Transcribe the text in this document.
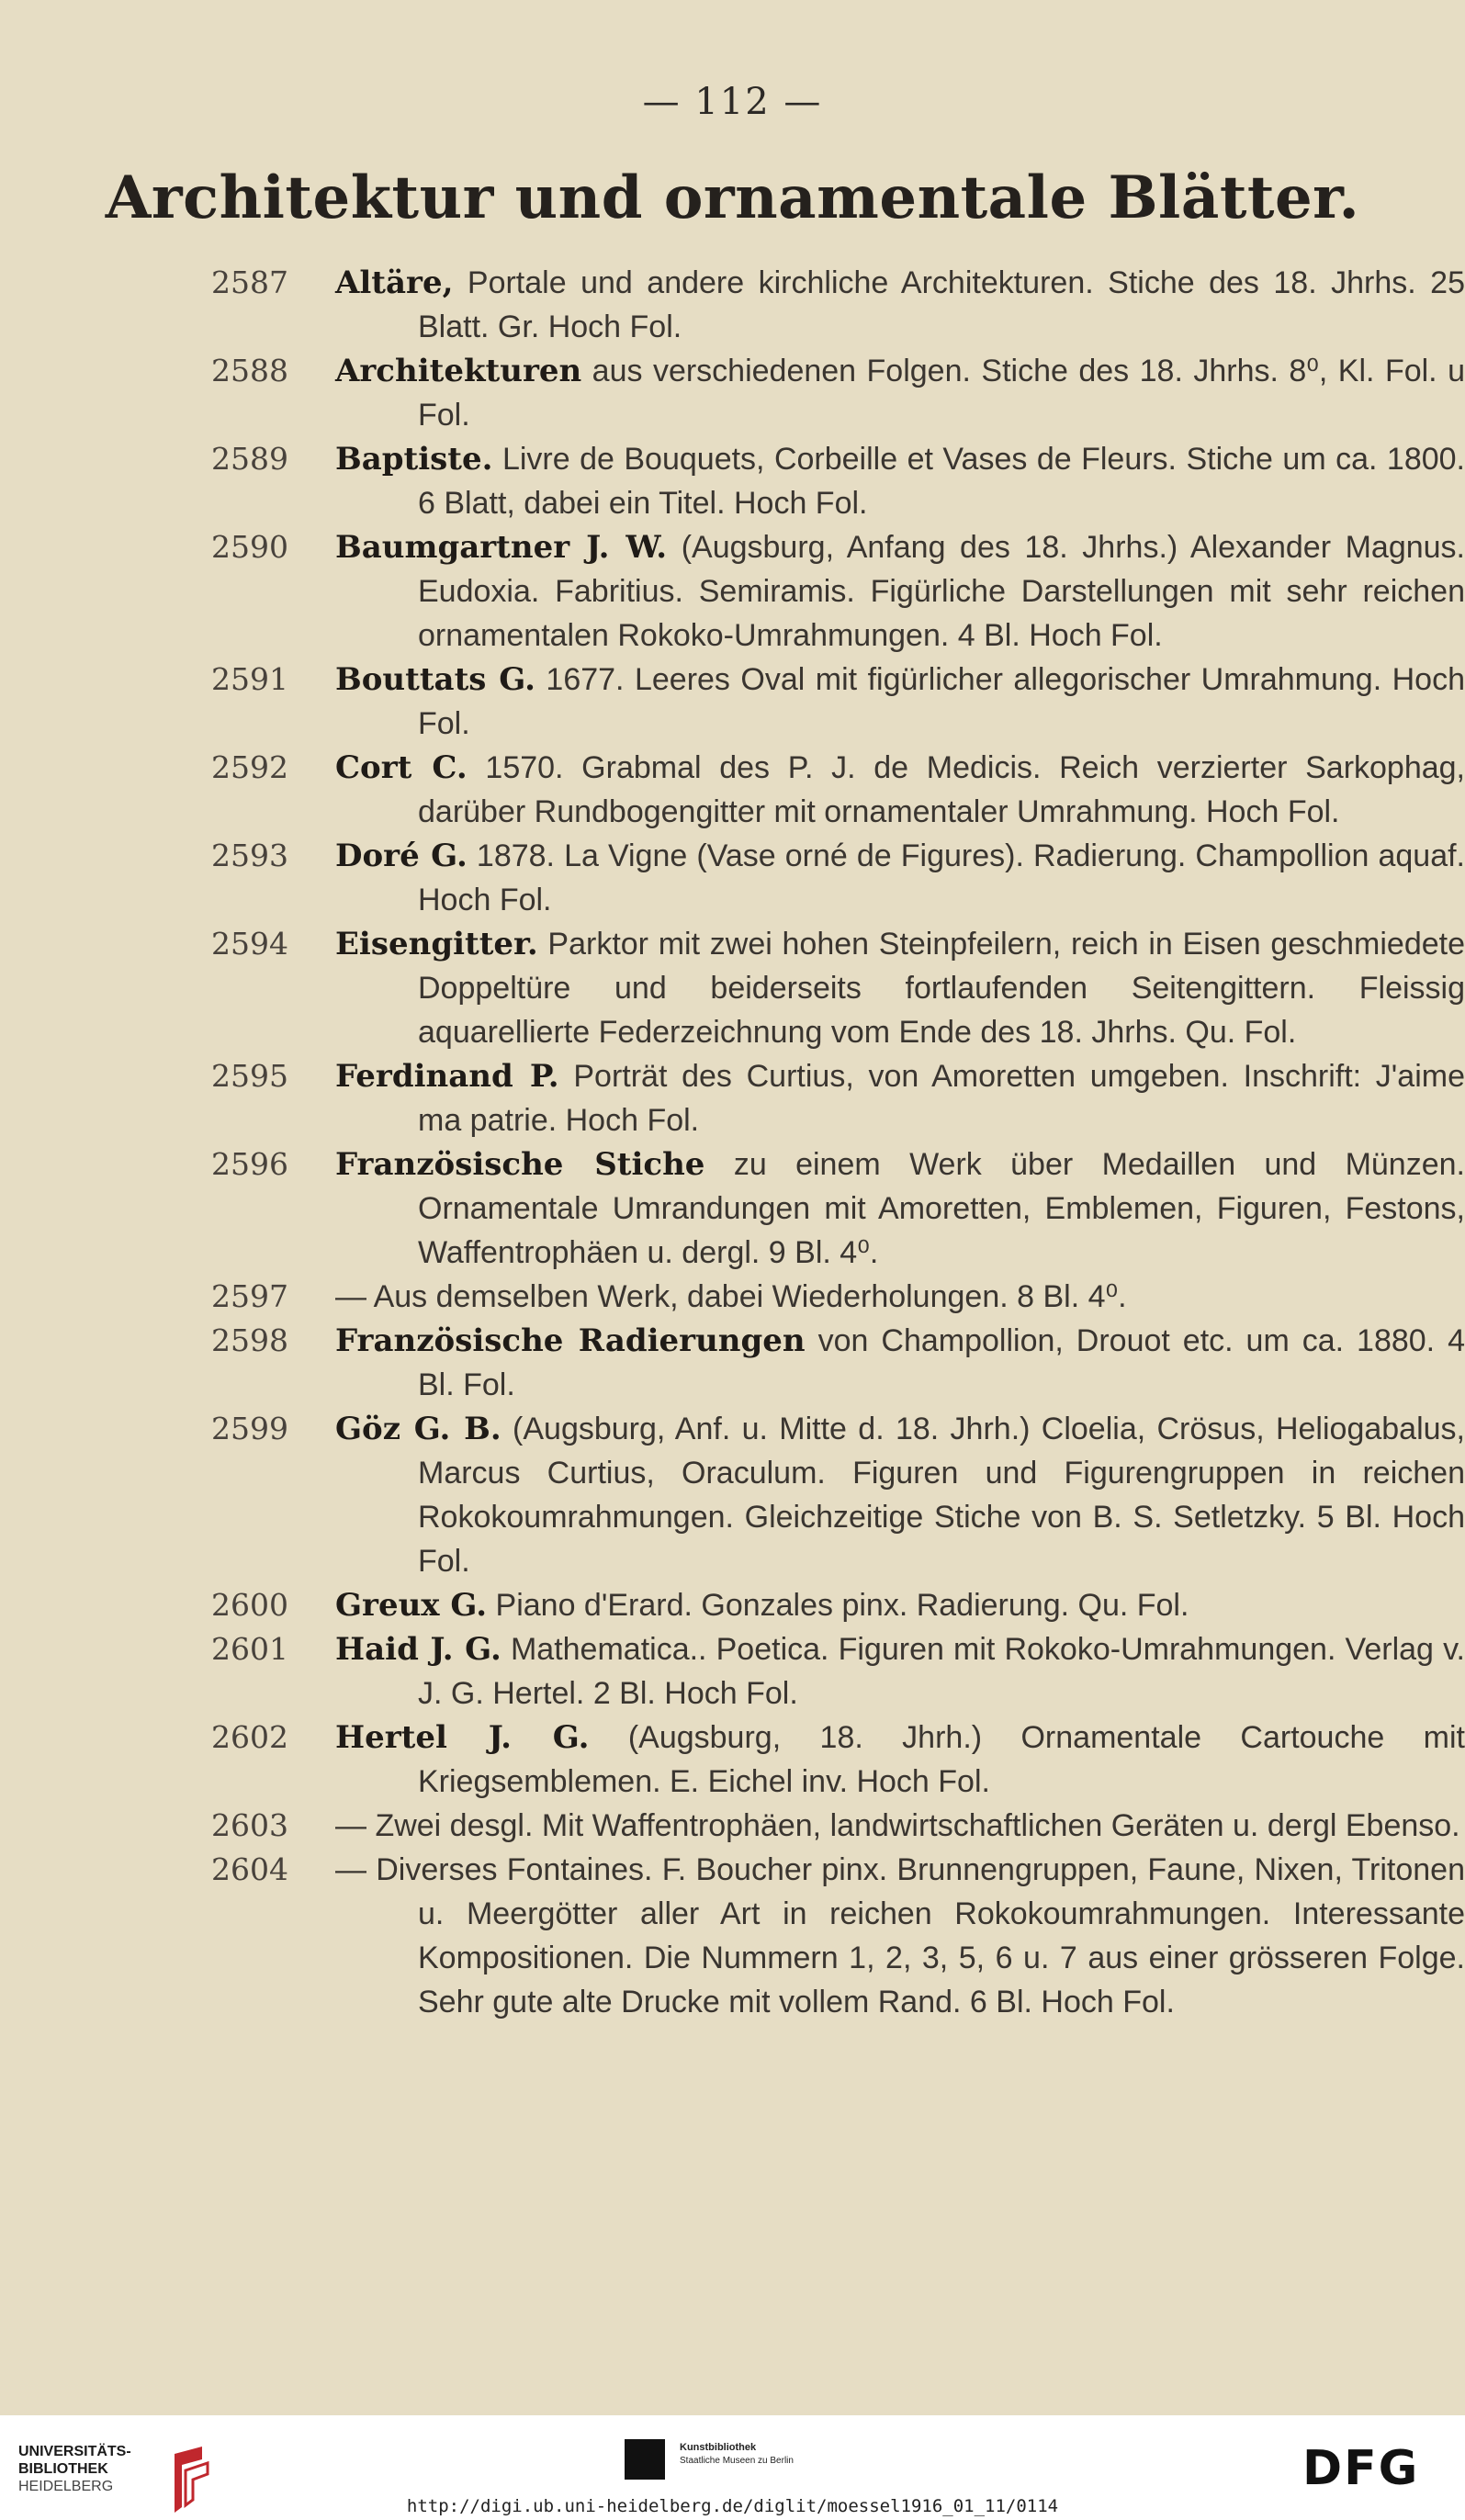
— 112 —
Architektur und ornamentale Blätter.
2587	Altäre, Portale und andere kirchliche Architekturen. Stiche des 18. Jhrhs. 25 Blatt. Gr. Hoch Fol.
2588	Architekturen aus verschiedenen Folgen. Stiche des 18. Jhrhs. 8⁰, Kl. Fol. u Fol.
2589	Baptiste. Livre de Bouquets, Corbeille et Vases de Fleurs. Stiche um ca. 1800. 6 Blatt, dabei ein Titel. Hoch Fol.
2590	Baumgartner J. W. (Augsburg, Anfang des 18. Jhrhs.) Alexander Magnus. Eudoxia. Fabritius. Semiramis. Figürliche Darstellungen mit sehr reichen ornamentalen Rokoko-Umrahmungen. 4 Bl. Hoch Fol.
2591	Bouttats G. 1677. Leeres Oval mit figürlicher allegorischer Umrahmung. Hoch Fol.
2592	Cort C. 1570. Grabmal des P. J. de Medicis. Reich verzierter Sarkophag, darüber Rundbogengitter mit ornamentaler Umrahmung. Hoch Fol.
2593	Doré G. 1878. La Vigne (Vase orné de Figures). Radierung. Champollion aquaf. Hoch Fol.
2594	Eisengitter. Parktor mit zwei hohen Steinpfeilern, reich in Eisen geschmiedete Doppeltüre und beiderseits fortlaufenden Seitengittern. Fleissig aquarellierte Federzeichnung vom Ende des 18. Jhrhs. Qu. Fol.
2595	Ferdinand P. Porträt des Curtius, von Amoretten umgeben. Inschrift: J'aime ma patrie. Hoch Fol.
2596	Französische Stiche zu einem Werk über Medaillen und Münzen. Ornamentale Umrandungen mit Amoretten, Emblemen, Figuren, Festons, Waffentrophäen u. dergl. 9 Bl. 4⁰.
2597	— Aus demselben Werk, dabei Wiederholungen. 8 Bl. 4⁰.
2598	Französische Radierungen von Champollion, Drouot etc. um ca. 1880. 4 Bl. Fol.
2599	Göz G. B. (Augsburg, Anf. u. Mitte d. 18. Jhrh.) Cloelia, Crösus, Heliogabalus, Marcus Curtius, Oraculum. Figuren und Figurengruppen in reichen Rokokoumrahmungen. Gleichzeitige Stiche von B. S. Setletzky. 5 Bl. Hoch Fol.
2600	Greux G. Piano d'Erard. Gonzales pinx. Radierung. Qu. Fol.
2601	Haid J. G. Mathematica.. Poetica. Figuren mit Rokoko-Umrahmungen. Verlag v. J. G. Hertel. 2 Bl. Hoch Fol.
2602	Hertel J. G. (Augsburg, 18. Jhrh.) Ornamentale Cartouche mit Kriegsemblemen. E. Eichel inv. Hoch Fol.
2603	— Zwei desgl. Mit Waffentrophäen, landwirtschaftlichen Geräten u. dergl Ebenso.
2604	— Diverses Fontaines. F. Boucher pinx. Brunnengruppen, Faune, Nixen, Tritonen u. Meergötter aller Art in reichen Rokokoumrahmungen. Interessante Kompositionen. Die Nummern 1, 2, 3, 5, 6 u. 7 aus einer grösseren Folge. Sehr gute alte Drucke mit vollem Rand. 6 Bl. Hoch Fol.
UNIVERSITÄTS-
BIBLIOTHEK
HEIDELBERG
Kunstbibliothek
Staatliche Museen zu Berlin	DFG
http://digi.ub.uni-heidelberg.de/diglit/moessel1916_01_11/0114
